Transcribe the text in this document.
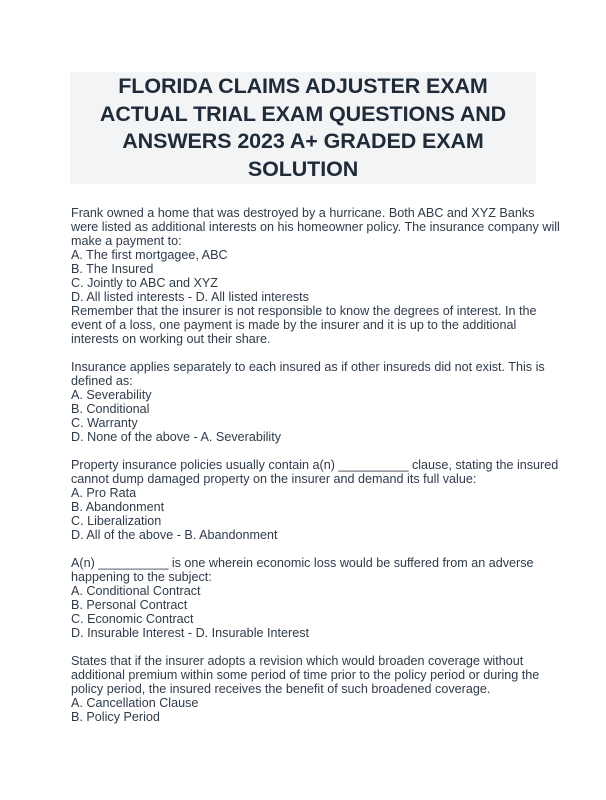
FLORIDA CLAIMS ADJUSTER EXAM
ACTUAL TRIAL EXAM QUESTIONS AND
ANSWERS 2023 A+ GRADED EXAM
SOLUTION
Frank owned a home that was destroyed by a hurricane. Both ABC and XYZ Banks
were listed as additional interests on his homeowner policy. The insurance company will
make a payment to:
A. The first mortgagee, ABC
B. The Insured
C. Jointly to ABC and XYZ
D. All listed interests - D. All listed interests
Remember that the insurer is not responsible to know the degrees of interest. In the
event of a loss, one payment is made by the insurer and it is up to the additional
interests on working out their share.
Insurance applies separately to each insured as if other insureds did not exist. This is
defined as:
A. Severability
B. Conditional
C. Warranty
D. None of the above - A. Severability
Property insurance policies usually contain a(n) __________ clause, stating the insured
cannot dump damaged property on the insurer and demand its full value:
A. Pro Rata
B. Abandonment
C. Liberalization
D. All of the above - B. Abandonment
A(n) __________ is one wherein economic loss would be suffered from an adverse
happening to the subject:
A. Conditional Contract
B. Personal Contract
C. Economic Contract
D. Insurable Interest - D. Insurable Interest
States that if the insurer adopts a revision which would broaden coverage without
additional premium within some period of time prior to the policy period or during the
policy period, the insured receives the benefit of such broadened coverage.
A. Cancellation Clause
B. Policy Period
